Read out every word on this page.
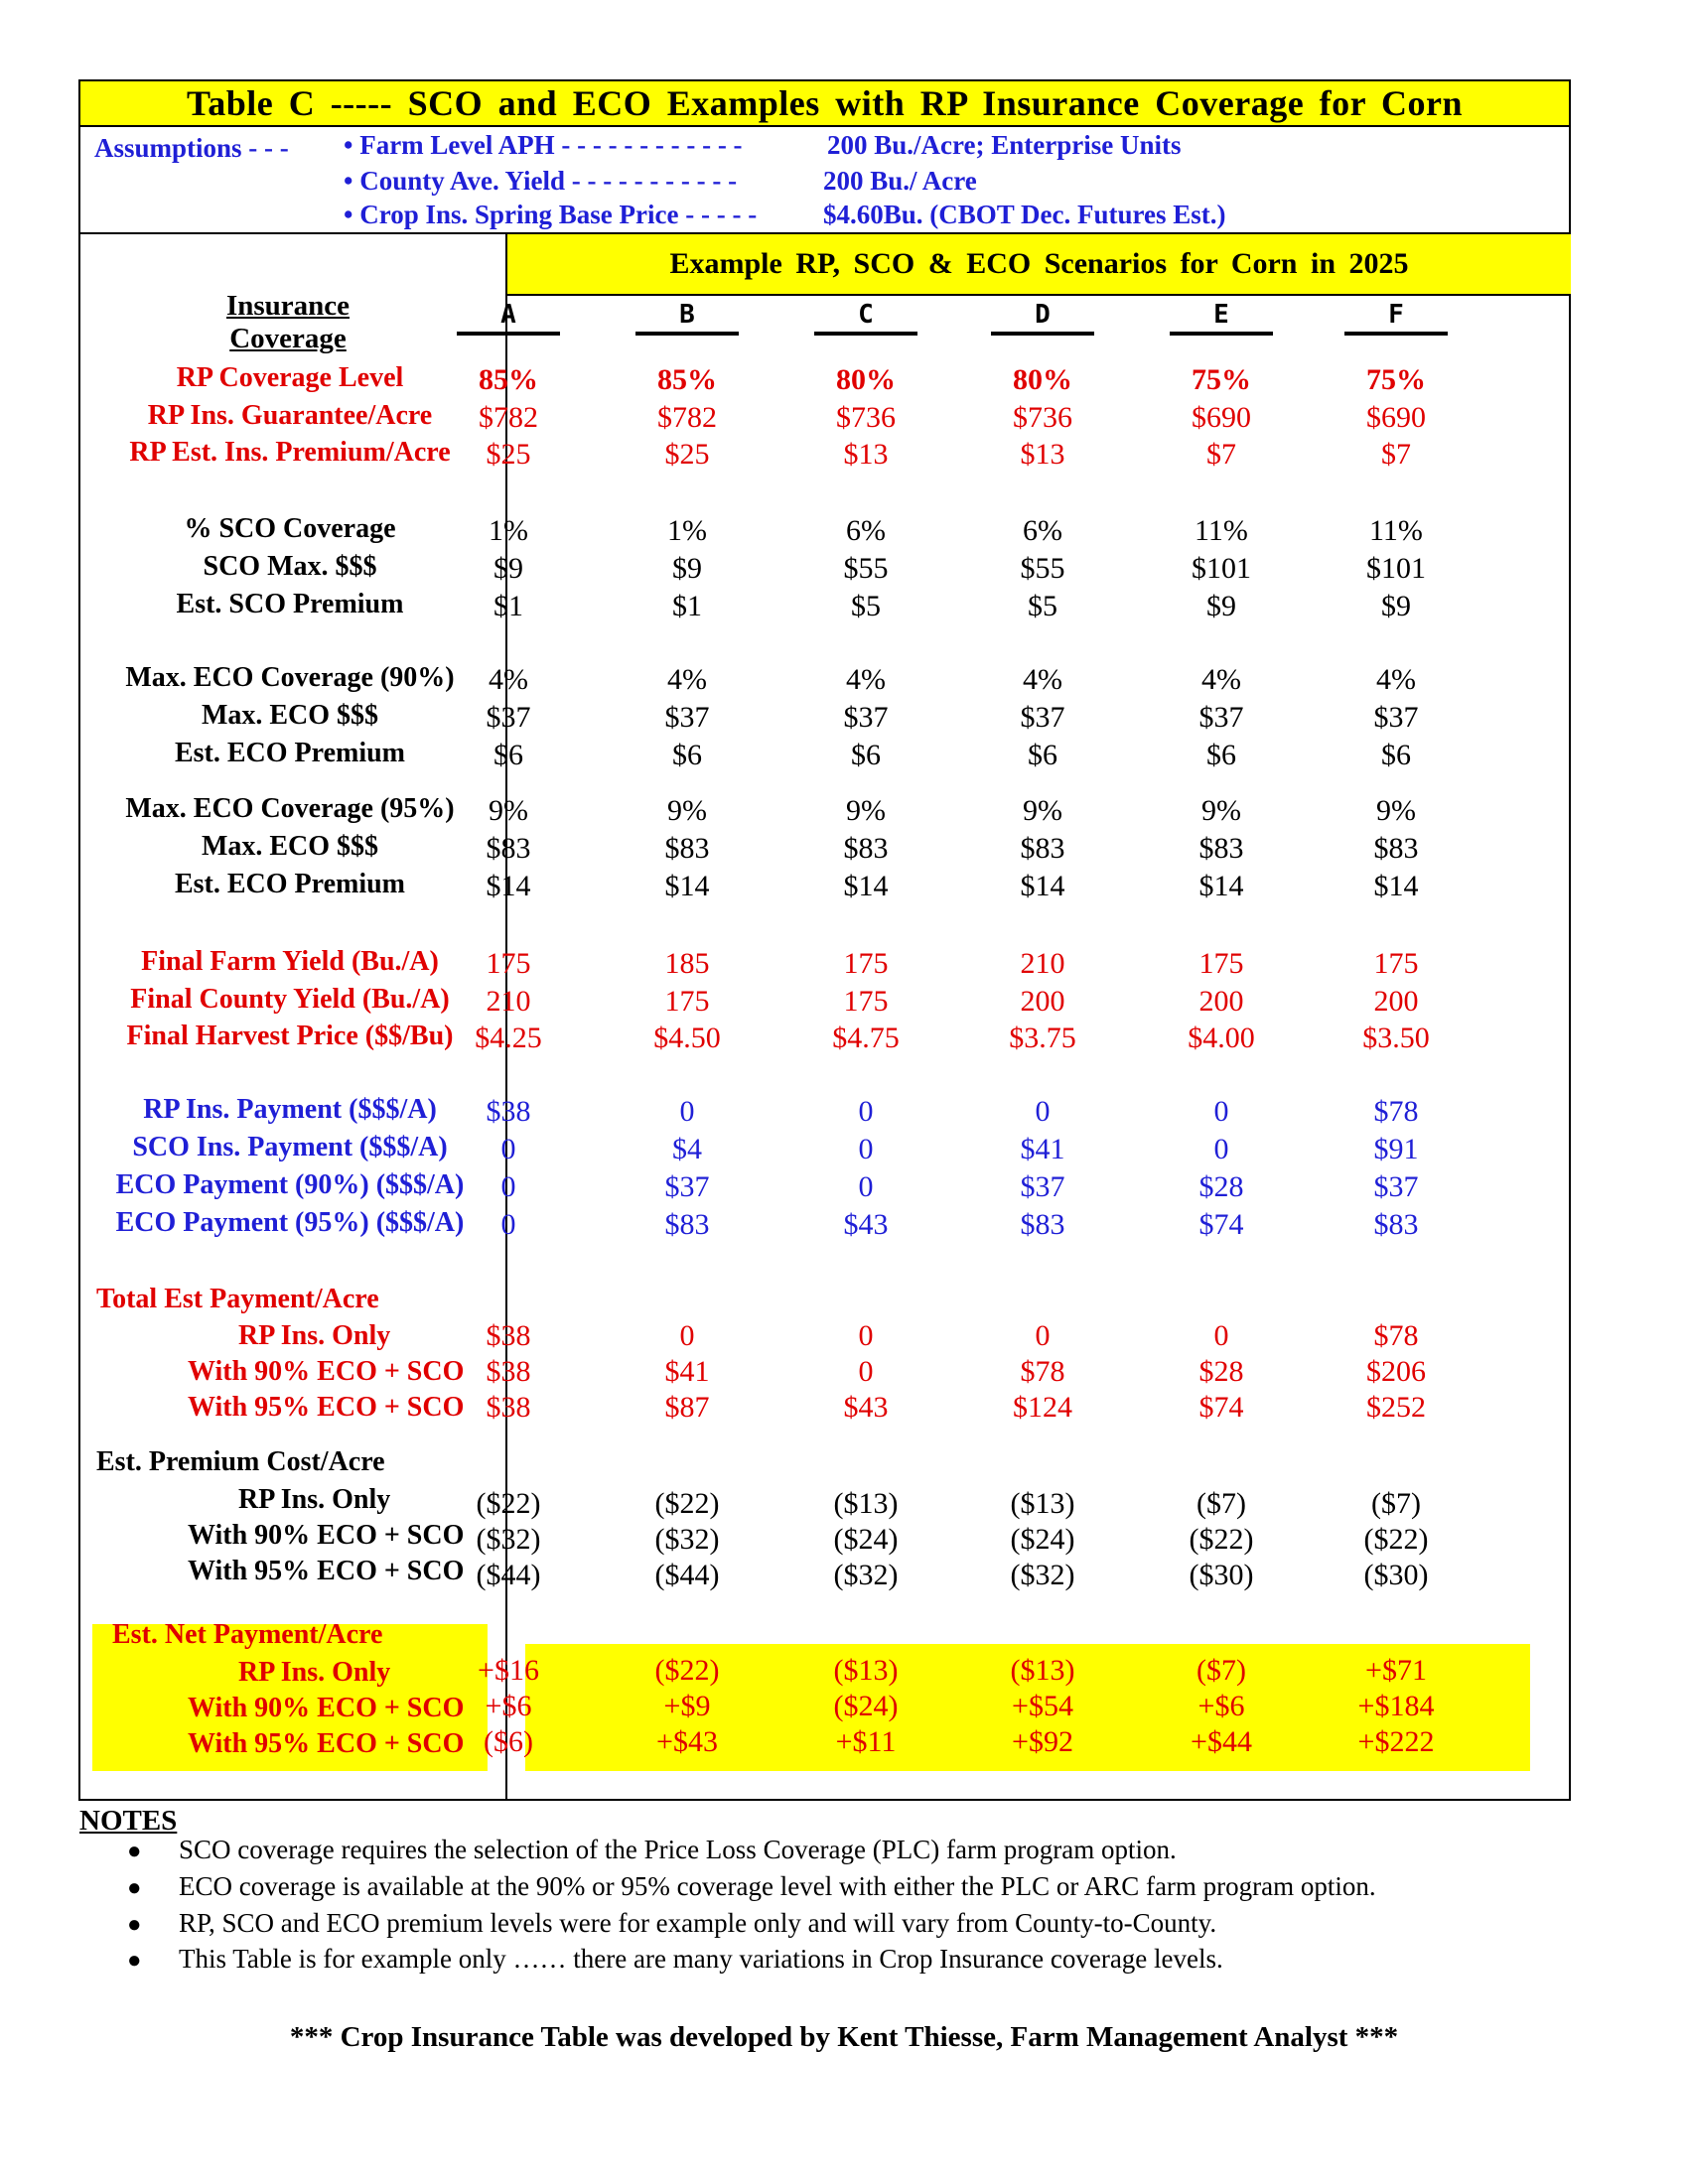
Table C ----- SCO and ECO Examples with RP Insurance Coverage for Corn
Assumptions - - - • Farm Level APH - - - - - - - - - - - -	200 Bu./Acre; Enterprise Units
• County Ave. Yield - - - - - - - - - - -	200 Bu./ Acre
• Crop Ins. Spring Base Price - - - - - $4.60Bu. (CBOT Dec. Futures Est.)
Example RP, SCO & ECO Scenarios for Corn in 2025
Insurance Coverage
A	B	C	D	E	F
RP Coverage Level	85%	85%	80%	80%	75%	75%
RP Ins. Guarantee/Acre	$782	$782	$736	$736	$690	$690
RP Est. Ins. Premium/Acre	$25	$25	$13	$13	$7	$7
% SCO Coverage	1%	1%	6%	6%	11%	11%
SCO Max. $$$	$9	$9	$55	$55	$101	$101
Est. SCO Premium	$1	$1	$5	$5	$9	$9
Max. ECO Coverage (90%)	4%	4%	4%	4%	4%	4%
Max. ECO $$$	$37	$37	$37	$37	$37	$37
Est. ECO Premium	$6	$6	$6	$6	$6	$6
Max. ECO Coverage (95%)	9%	9%	9%	9%	9%	9%
Max. ECO $$$	$83	$83	$83	$83	$83	$83
Est. ECO Premium	$14	$14	$14	$14	$14	$14
Final Farm Yield (Bu./A)	175	185	175	210	175	175
Final County Yield (Bu./A)	210	175	175	200	200	200
Final Harvest Price ($$/Bu) $4.25	$4.50	$4.75	$3.75	$4.00	$3.50
RP Ins. Payment ($$$/A)	$38	0	0	0	0	$78
SCO Ins. Payment ($$$/A)	0	$4	0	$41	0	$91
ECO Payment (90%) ($$$/A)	0	$37	0	$37	$28	$37
ECO Payment (95%) ($$$/A)	0	$83	$43	$83	$74	$83
Total Est Payment/Acre
RP Ins. Only	$38	0	0	0	0	$78
With 90% ECO + SCO $38	$41	0	$78	$28	$206
With 95% ECO + SCO $38	$87	$43	$124	$74	$252
Est. Premium Cost/Acre
RP Ins. Only	($22)	($22)	($13)	($13)	($7)	($7)
With 90% ECO + SCO ($32)	($32)	($24)	($24)	($22)	($22)
With 95% ECO + SCO ($44)	($44)	($32)	($32)	($30)	($30)
Est. Net Payment/Acre
RP Ins. Only	+$16	($22)	($13)	($13)	($7)	+$71
With 90% ECO + SCO +$6	+$9	($24)	+$54	+$6	+$184
With 95% ECO + SCO ($6)	+$43	+$11	+$92	+$44	+$222
NOTES
● SCO coverage requires the selection of the Price Loss Coverage (PLC) farm program option.
● ECO coverage is available at the 90% or 95% coverage level with either the PLC or ARC farm program option.
● RP, SCO and ECO premium levels were for example only and will vary from County-to-County.
● This Table is for example only …… there are many variations in Crop Insurance coverage levels.
*** Crop Insurance Table was developed by Kent Thiesse, Farm Management Analyst ***
